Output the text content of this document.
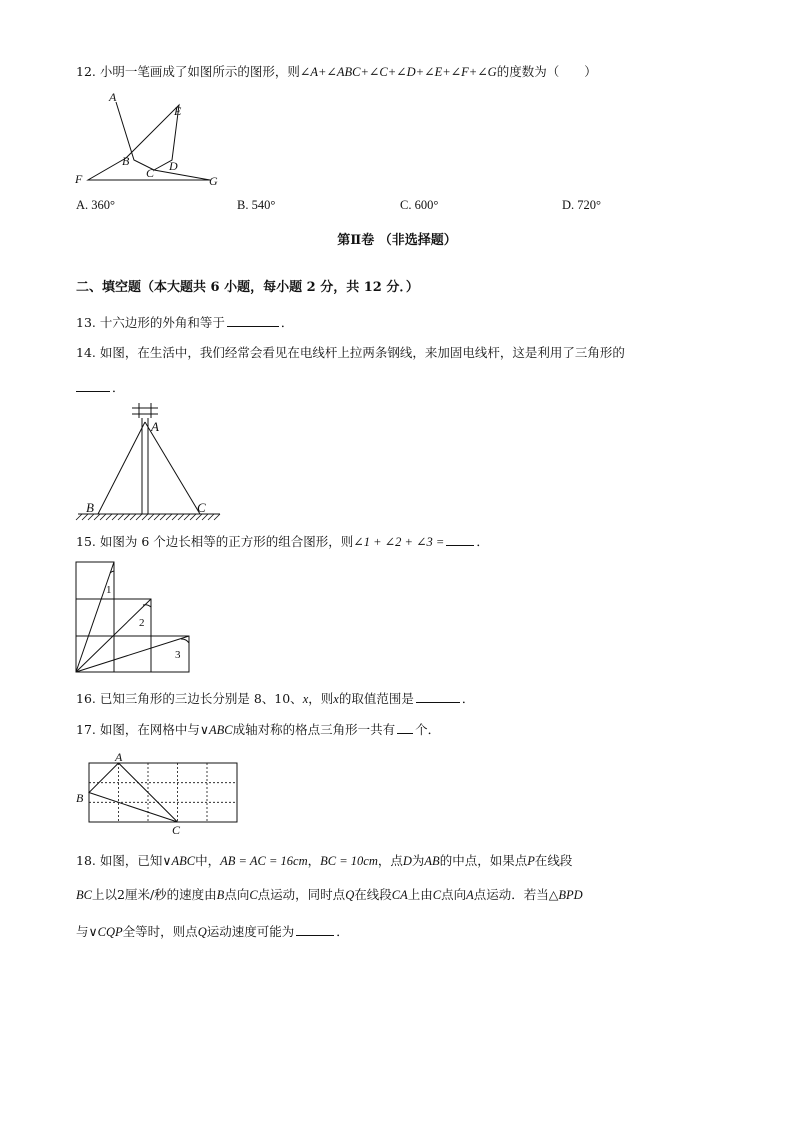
12. 小明一笔画成了如图所示的图形，则∠A+∠ABC+∠C+∠D+∠E+∠F+∠G的度数为（　　）
A
E
B
C D
F	G
A. 360°	B. 540°	C. 600°	D. 720°
第Ⅱ卷 （非选择题）
二、填空题（本大题共 6 小题，每小题 2 分，共 12 分．）
13. 十六边形的外角和等于	．
14. 如图，在生活中，我们经常会看见在电线杆上拉两条钢线，来加固电线杆，这是利用了三角形的
．
A
B	C
15. 如图为 6 个边长相等的正方形的组合图形，则∠1 + ∠2 + ∠3 =	．
1
2
3
16. 已知三角形的三边长分别是 8、10、x，则x的取值范围是	．
17. 如图，在网格中与∨ABC成轴对称的格点三角形一共有 个．
A
B
C
18. 如图，已知∨ABC中，AB = AC = 16cm，BC = 10cm，点D为AB的中点，如果点P在线段
BC上以2厘米/秒的速度由B点向C点运动，同时点Q在线段CA上由C点向A点运动．若当△BPD
与∨CQP全等时，则点Q运动速度可能为	．
